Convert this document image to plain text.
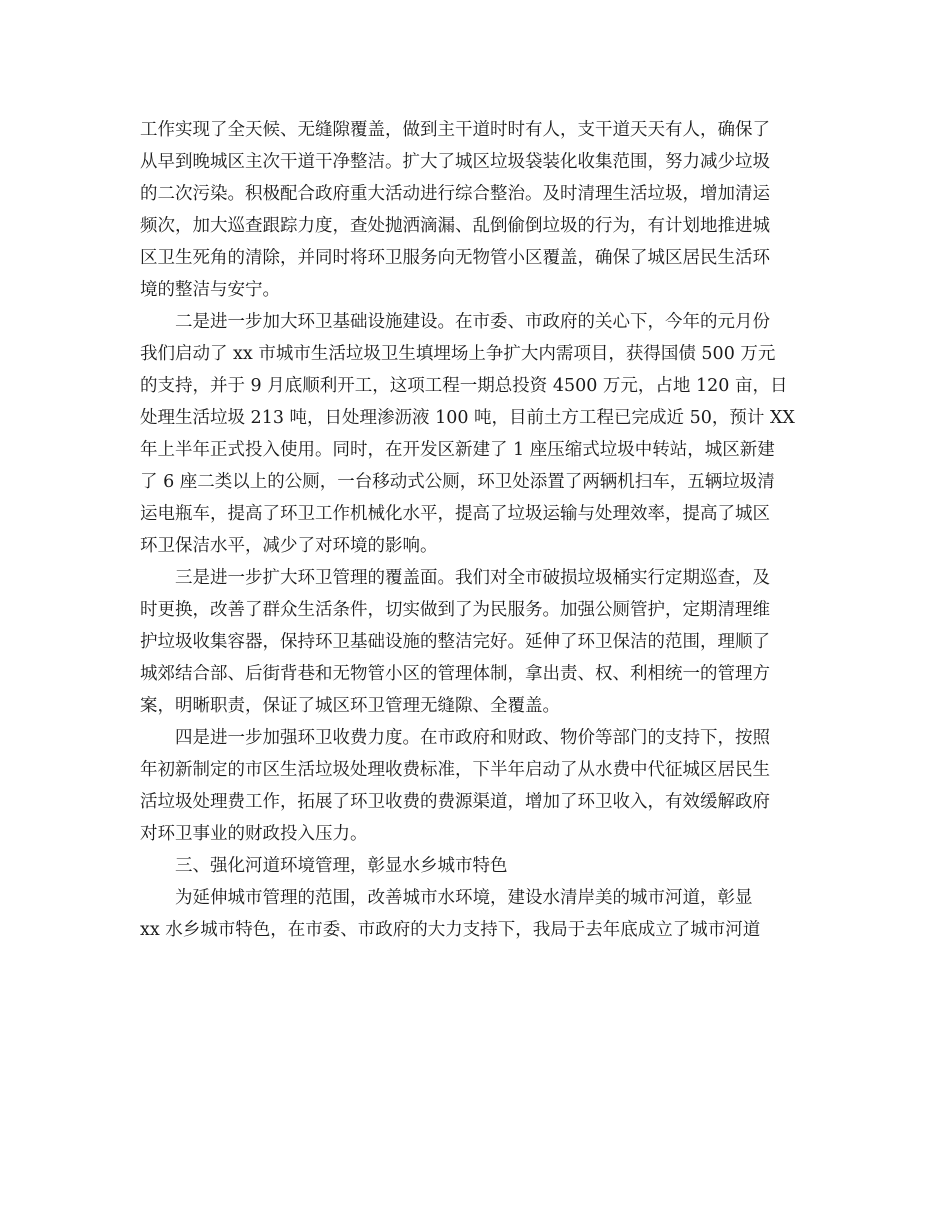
工作实现了全天候、无缝隙覆盖，做到主干道时时有人，支干道天天有人，确保了
从早到晚城区主次干道干净整洁。扩大了城区垃圾袋装化收集范围，努力减少垃圾
的二次污染。积极配合政府重大活动进行综合整治。及时清理生活垃圾，增加清运
频次，加大巡查跟踪力度，查处抛洒滴漏、乱倒偷倒垃圾的行为，有计划地推进城
区卫生死角的清除，并同时将环卫服务向无物管小区覆盖，确保了城区居民生活环
境的整洁与安宁。
　　二是进一步加大环卫基础设施建设。在市委、市政府的关心下，今年的元月份
我们启动了 xx 市城市生活垃圾卫生填埋场上争扩大内需项目，获得国债 500 万元
的支持，并于 9 月底顺利开工，这项工程一期总投资 4500 万元，占地 120 亩，日
处理生活垃圾 213 吨，日处理渗沥液 100 吨，目前土方工程已完成近 50，预计 XX
年上半年正式投入使用。同时，在开发区新建了 1 座压缩式垃圾中转站，城区新建
了 6 座二类以上的公厕，一台移动式公厕，环卫处添置了两辆机扫车，五辆垃圾清
运电瓶车，提高了环卫工作机械化水平，提高了垃圾运输与处理效率，提高了城区
环卫保洁水平，减少了对环境的影响。
　　三是进一步扩大环卫管理的覆盖面。我们对全市破损垃圾桶实行定期巡查，及
时更换，改善了群众生活条件，切实做到了为民服务。加强公厕管护，定期清理维
护垃圾收集容器，保持环卫基础设施的整洁完好。延伸了环卫保洁的范围，理顺了
城郊结合部、后街背巷和无物管小区的管理体制，拿出责、权、利相统一的管理方
案，明晰职责，保证了城区环卫管理无缝隙、全覆盖。
　　四是进一步加强环卫收费力度。在市政府和财政、物价等部门的支持下，按照
年初新制定的市区生活垃圾处理收费标准，下半年启动了从水费中代征城区居民生
活垃圾处理费工作，拓展了环卫收费的费源渠道，增加了环卫收入，有效缓解政府
对环卫事业的财政投入压力。
　　三、强化河道环境管理，彰显水乡城市特色
　　为延伸城市管理的范围，改善城市水环境，建设水清岸美的城市河道，彰显
xx 水乡城市特色，在市委、市政府的大力支持下，我局于去年底成立了城市河道
